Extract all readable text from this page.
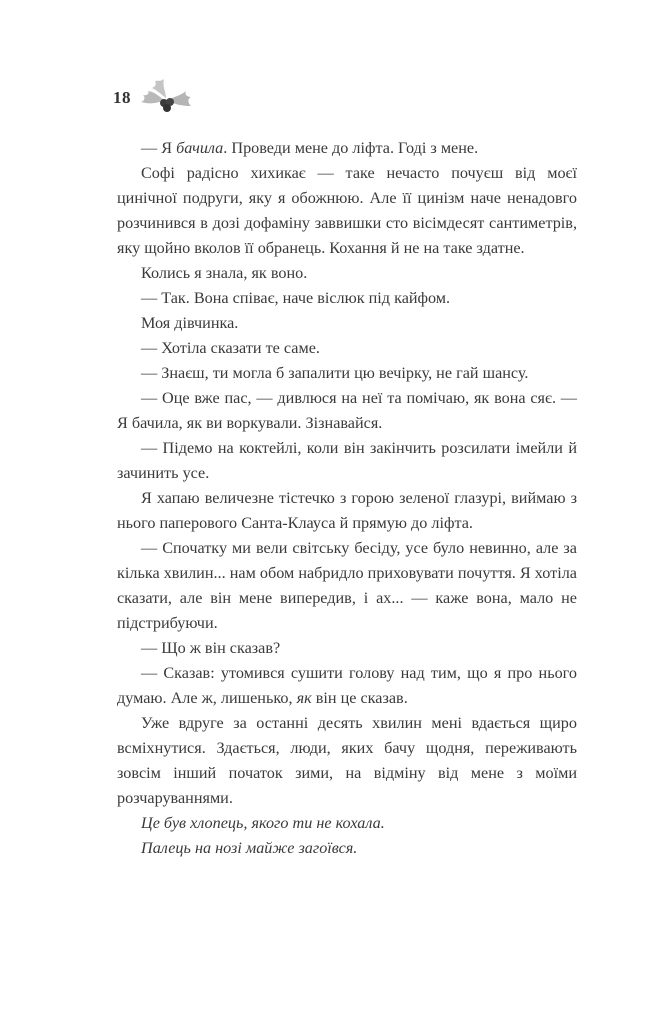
18

— Я бачила. Проведи мене до ліфта. Годі з мене.

Софі радісно хихикає — таке нечасто почуєш від моєї цинічної подруги, яку я обожнюю. Але її цинізм наче ненадовго розчинився в дозі дофаміну заввишки сто вісімдесят сантиметрів, яку щойно вколов її обранець. Кохання й не на таке здатне.

Колись я знала, як воно.

— Так. Вона співає, наче віслюк під кайфом.

Моя дівчинка.

— Хотіла сказати те саме.

— Знаєш, ти могла б запалити цю вечірку, не гай шансу.

— Оце вже пас, — дивлюся на неї та помічаю, як вона сяє. — Я бачила, як ви воркували. Зізнавайся.

— Підемо на коктейлі, коли він закінчить розсилати імейли й зачинить усе.

Я хапаю величезне тістечко з горою зеленої глазурі, виймаю з нього паперового Санта-Клауса й прямую до ліфта.

— Спочатку ми вели світську бесіду, усе було невинно, але за кілька хвилин... нам обом набридло приховувати почуття. Я хотіла сказати, але він мене випередив, і ах... — каже вона, мало не підстрибуючи.

— Що ж він сказав?

— Сказав: утомився сушити голову над тим, що я про нього думаю. Але ж, лишенько, як він це сказав.

Уже вдруге за останні десять хвилин мені вдається щиро всміхнутися. Здається, люди, яких бачу щодня, переживають зовсім інший початок зими, на відміну від мене з моїми розчаруваннями.

Це був хлопець, якого ти не кохала.

Палець на нозі майже загоївся.
